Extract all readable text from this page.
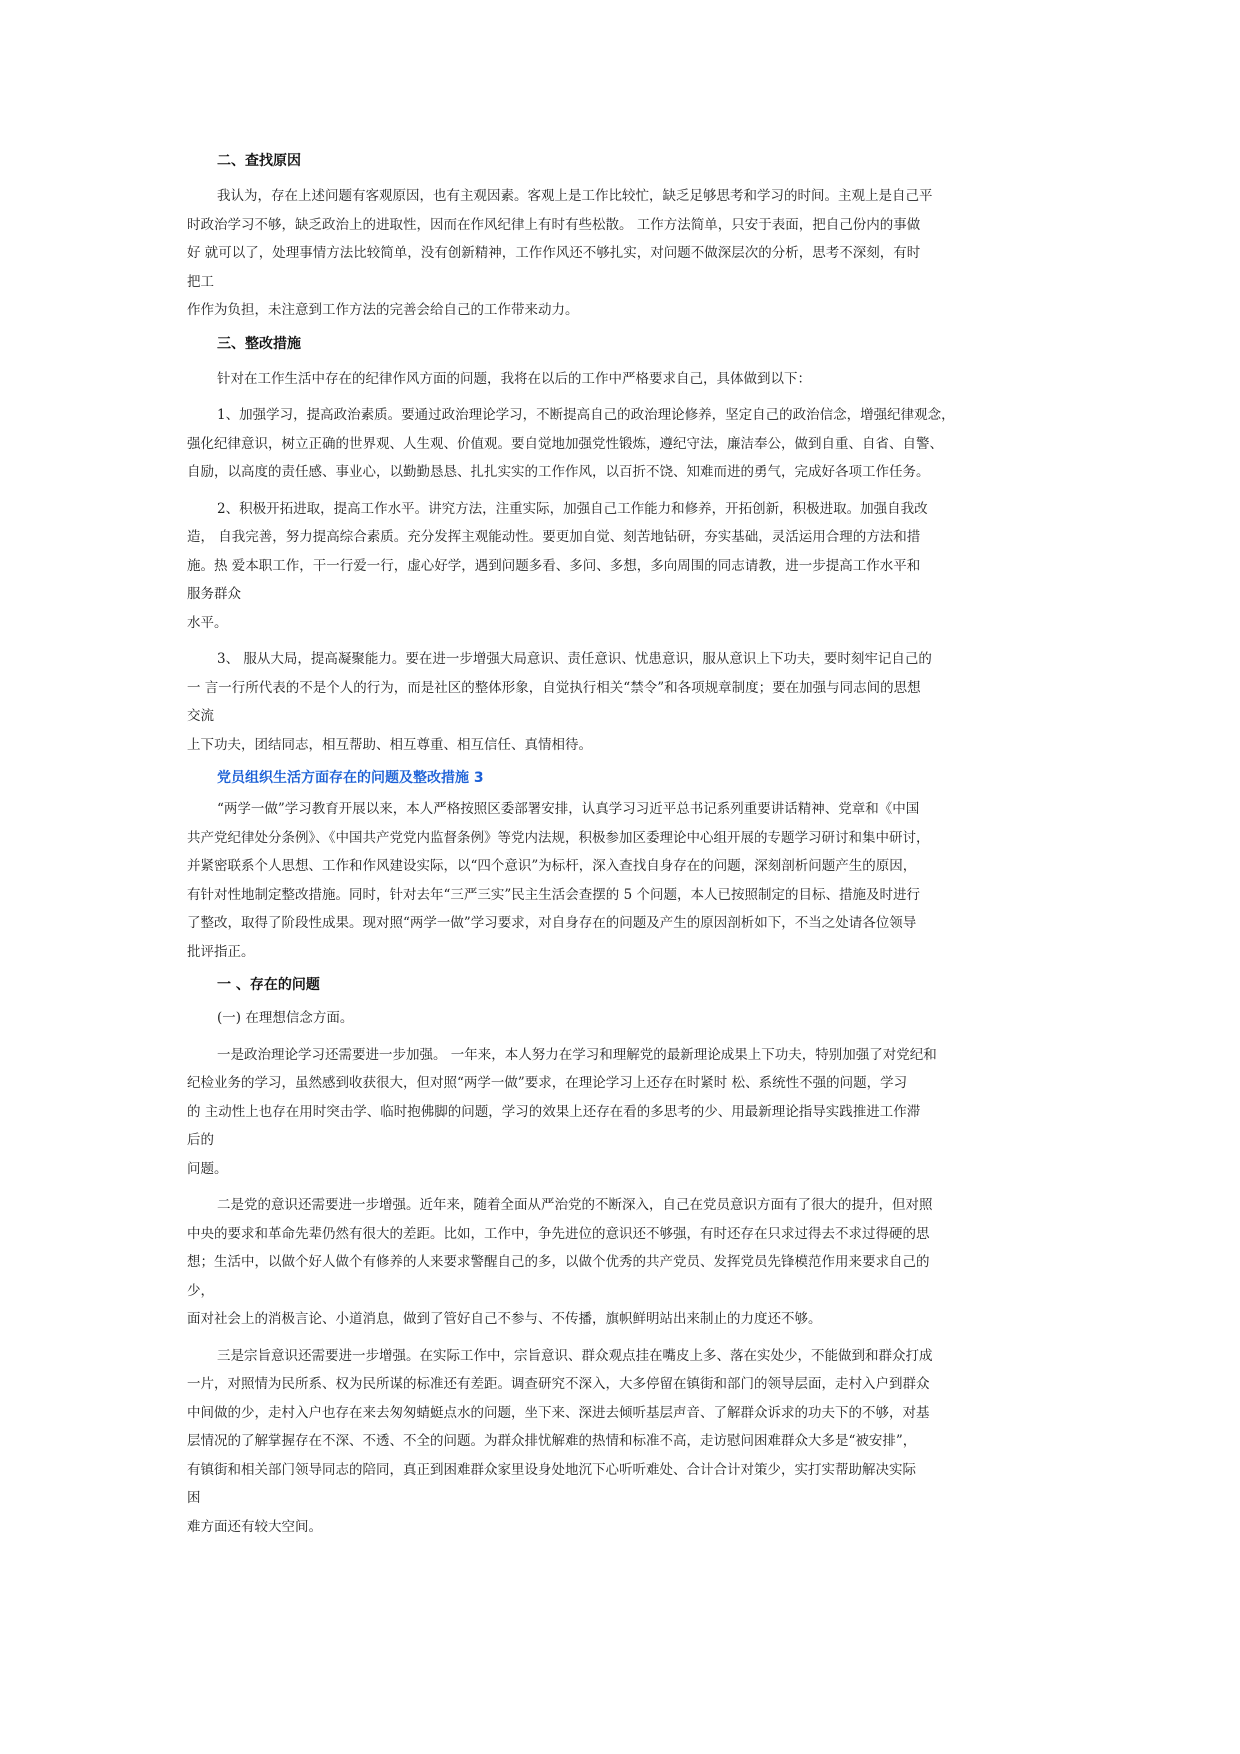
二、查找原因
我认为，存在上述问题有客观原因，也有主观因素。客观上是工作比较忙，缺乏足够思考和学习的时间。主观上是自己平
时政治学习不够，缺乏政治上的进取性，因而在作风纪律上有时有些松散。 工作方法简单，只安于表面，把自己份内的事做
好 就可以了，处理事情方法比较简单，没有创新精神，工作作风还不够扎实，对问题不做深层次的分析，思考不深刻，有时
把工
作作为负担，未注意到工作方法的完善会给自己的工作带来动力。
三、整改措施
针对在工作生活中存在的纪律作风方面的问题，我将在以后的工作中严格要求自己，具体做到以下：
1、加强学习，提高政治素质。要通过政治理论学习，不断提高自己的政治理论修养，坚定自己的政治信念，增强纪律观念，
强化纪律意识，树立正确的世界观、人生观、价值观。要自觉地加强党性锻炼，遵纪守法，廉洁奉公，做到自重、自省、自警、
自励，以高度的责任感、事业心，以勤勤恳恳、扎扎实实的工作作风，以百折不饶、知难而进的勇气，完成好各项工作任务。
2、积极开拓进取，提高工作水平。讲究方法，注重实际，加强自己工作能力和修养，开拓创新，积极进取。加强自我改
造， 自我完善，努力提高综合素质。充分发挥主观能动性。要更加自觉、刻苦地钻研，夯实基础，灵活运用合理的方法和措
施。热 爱本职工作，干一行爱一行，虚心好学，遇到问题多看、多问、多想，多向周围的同志请教，进一步提高工作水平和
服务群众
水平。
3、 服从大局，提高凝聚能力。要在进一步增强大局意识、责任意识、忧患意识，服从意识上下功夫，要时刻牢记自己的
一 言一行所代表的不是个人的行为，而是社区的整体形象，自觉执行相关“禁令”和各项规章制度；要在加强与同志间的思想
交流
上下功夫，团结同志，相互帮助、相互尊重、相互信任、真情相待。
党员组织生活方面存在的问题及整改措施 3
“两学一做”学习教育开展以来，本人严格按照区委部署安排，认真学习习近平总书记系列重要讲话精神、党章和《中国
共产党纪律处分条例》、《中国共产党党内监督条例》等党内法规，积极参加区委理论中心组开展的专题学习研讨和集中研讨，
并紧密联系个人思想、工作和作风建设实际，以“四个意识”为标杆，深入查找自身存在的问题，深刻剖析问题产生的原因，
有针对性地制定整改措施。同时，针对去年“三严三实”民主生活会查摆的 5 个问题，本人已按照制定的目标、措施及时进行
了整改，取得了阶段性成果。现对照“两学一做”学习要求，对自身存在的问题及产生的原因剖析如下，不当之处请各位领导
批评指正。
一 、存在的问题
(一) 在理想信念方面。
一是政治理论学习还需要进一步加强。 一年来，本人努力在学习和理解党的最新理论成果上下功夫，特别加强了对党纪和
纪检业务的学习，虽然感到收获很大，但对照“两学一做”要求，在理论学习上还存在时紧时 松、系统性不强的问题，学习
的 主动性上也存在用时突击学、临时抱佛脚的问题，学习的效果上还存在看的多思考的少、用最新理论指导实践推进工作滞
后的
问题。
二是党的意识还需要进一步增强。近年来，随着全面从严治党的不断深入，自己在党员意识方面有了很大的提升，但对照
中央的要求和革命先辈仍然有很大的差距。比如，工作中，争先进位的意识还不够强，有时还存在只求过得去不求过得硬的思
想；生活中，以做个好人做个有修养的人来要求警醒自己的多，以做个优秀的共产党员、发挥党员先锋模范作用来要求自己的
少，
面对社会上的消极言论、小道消息，做到了管好自己不参与、不传播，旗帜鲜明站出来制止的力度还不够。
三是宗旨意识还需要进一步增强。在实际工作中，宗旨意识、群众观点挂在嘴皮上多、落在实处少，不能做到和群众打成
一片，对照情为民所系、权为民所谋的标准还有差距。调查研究不深入，大多停留在镇街和部门的领导层面，走村入户到群众
中间做的少，走村入户也存在来去匆匆蜻蜓点水的问题，坐下来、深进去倾听基层声音、了解群众诉求的功夫下的不够，对基
层情况的了解掌握存在不深、不透、不全的问题。为群众排忧解难的热情和标准不高，走访慰问困难群众大多是“被安排”，
有镇街和相关部门领导同志的陪同，真正到困难群众家里设身处地沉下心听听难处、合计合计对策少，实打实帮助解决实际
困
难方面还有较大空间。
